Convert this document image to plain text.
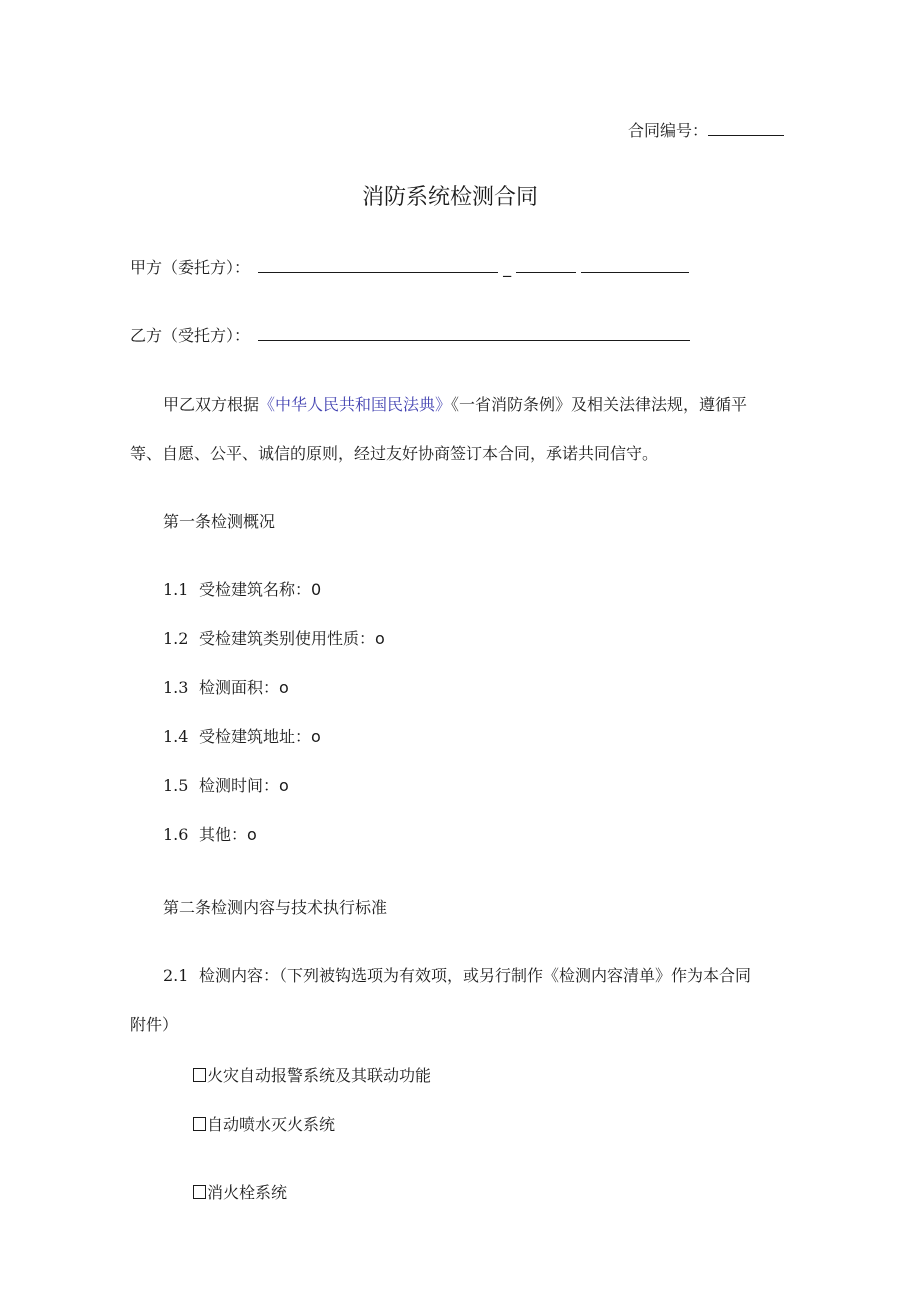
合同编号：
消防系统检测合同
甲方（委托方）：	_
乙方（受托方）：
甲乙双方根据《中华人民共和国民法典》《一省消防条例》及相关法律法规，遵循平
等、自愿、公平、诚信的原则，经过友好协商签订本合同，承诺共同信守。
第一条检测概况
1.1 受检建筑名称：0
1.2 受检建筑类别使用性质：o
1.3 检测面积：o
1.4 受检建筑地址：o
1.5 检测时间：o
1.6 其他：o
第二条检测内容与技术执行标准
2.1 检测内容：（下列被钩选项为有效项，或另行制作《检测内容清单》作为本合同
附件）
火灾自动报警系统及其联动功能
自动喷水灭火系统
消火栓系统
